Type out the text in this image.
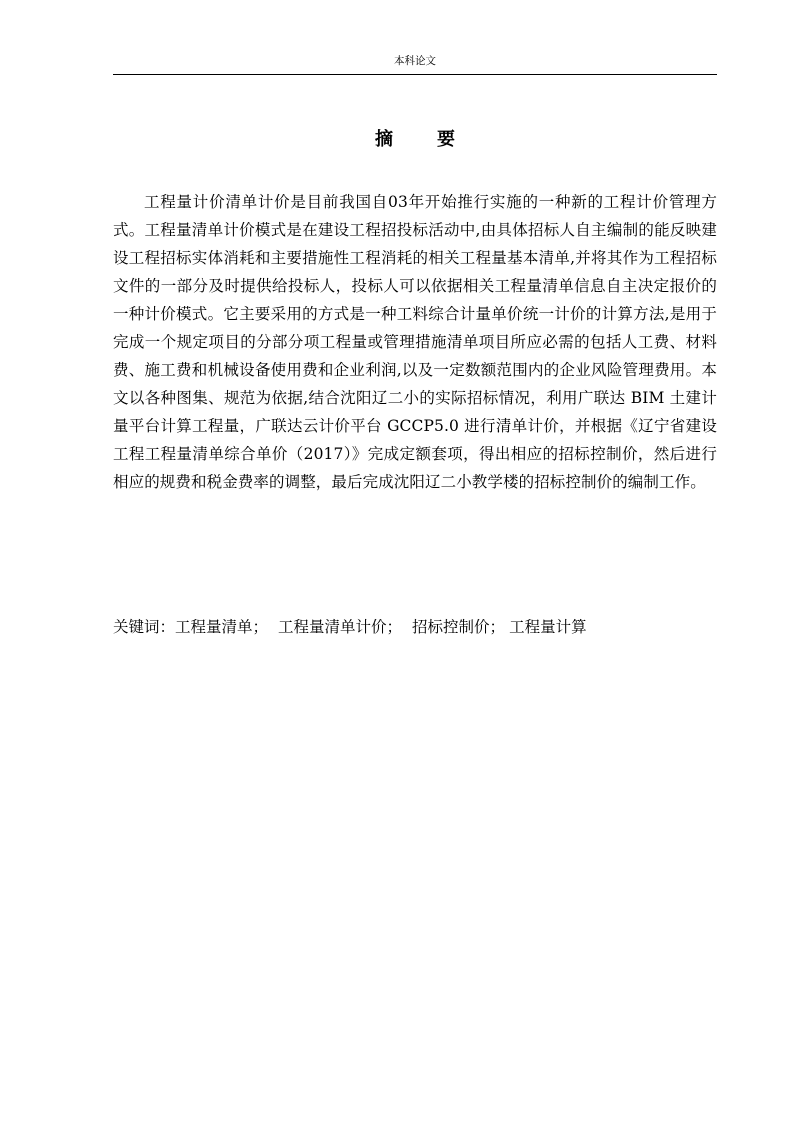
本科论文
摘 要

工程量计价清单计价是目前我国自03年开始推行实施的一种新的工程计价管理方式。工程量清单计价模式是在建设工程招投标活动中,由具体招标人自主编制的能反映建设工程招标实体消耗和主要措施性工程消耗的相关工程量基本清单,并将其作为工程招标文件的一部分及时提供给投标人，投标人可以依据相关工程量清单信息自主决定报价的一种计价模式。它主要采用的方式是一种工料综合计量单价统一计价的计算方法,是用于完成一个规定项目的分部分项工程量或管理措施清单项目所应必需的包括人工费、材料费、施工费和机械设备使用费和企业利润,以及一定数额范围内的企业风险管理费用。本文以各种图集、规范为依据,结合沈阳辽二小的实际招标情况，利用广联达 BIM 土建计量平台计算工程量，广联达云计价平台 GCCP5.0 进行清单计价，并根据《辽宁省建设工程工程量清单综合单价（2017）》完成定额套项，得出相应的招标控制价，然后进行相应的规费和税金费率的调整，最后完成沈阳辽二小教学楼的招标控制价的编制工作。

关键词：工程量清单； 工程量清单计价； 招标控制价； 工程量计算
